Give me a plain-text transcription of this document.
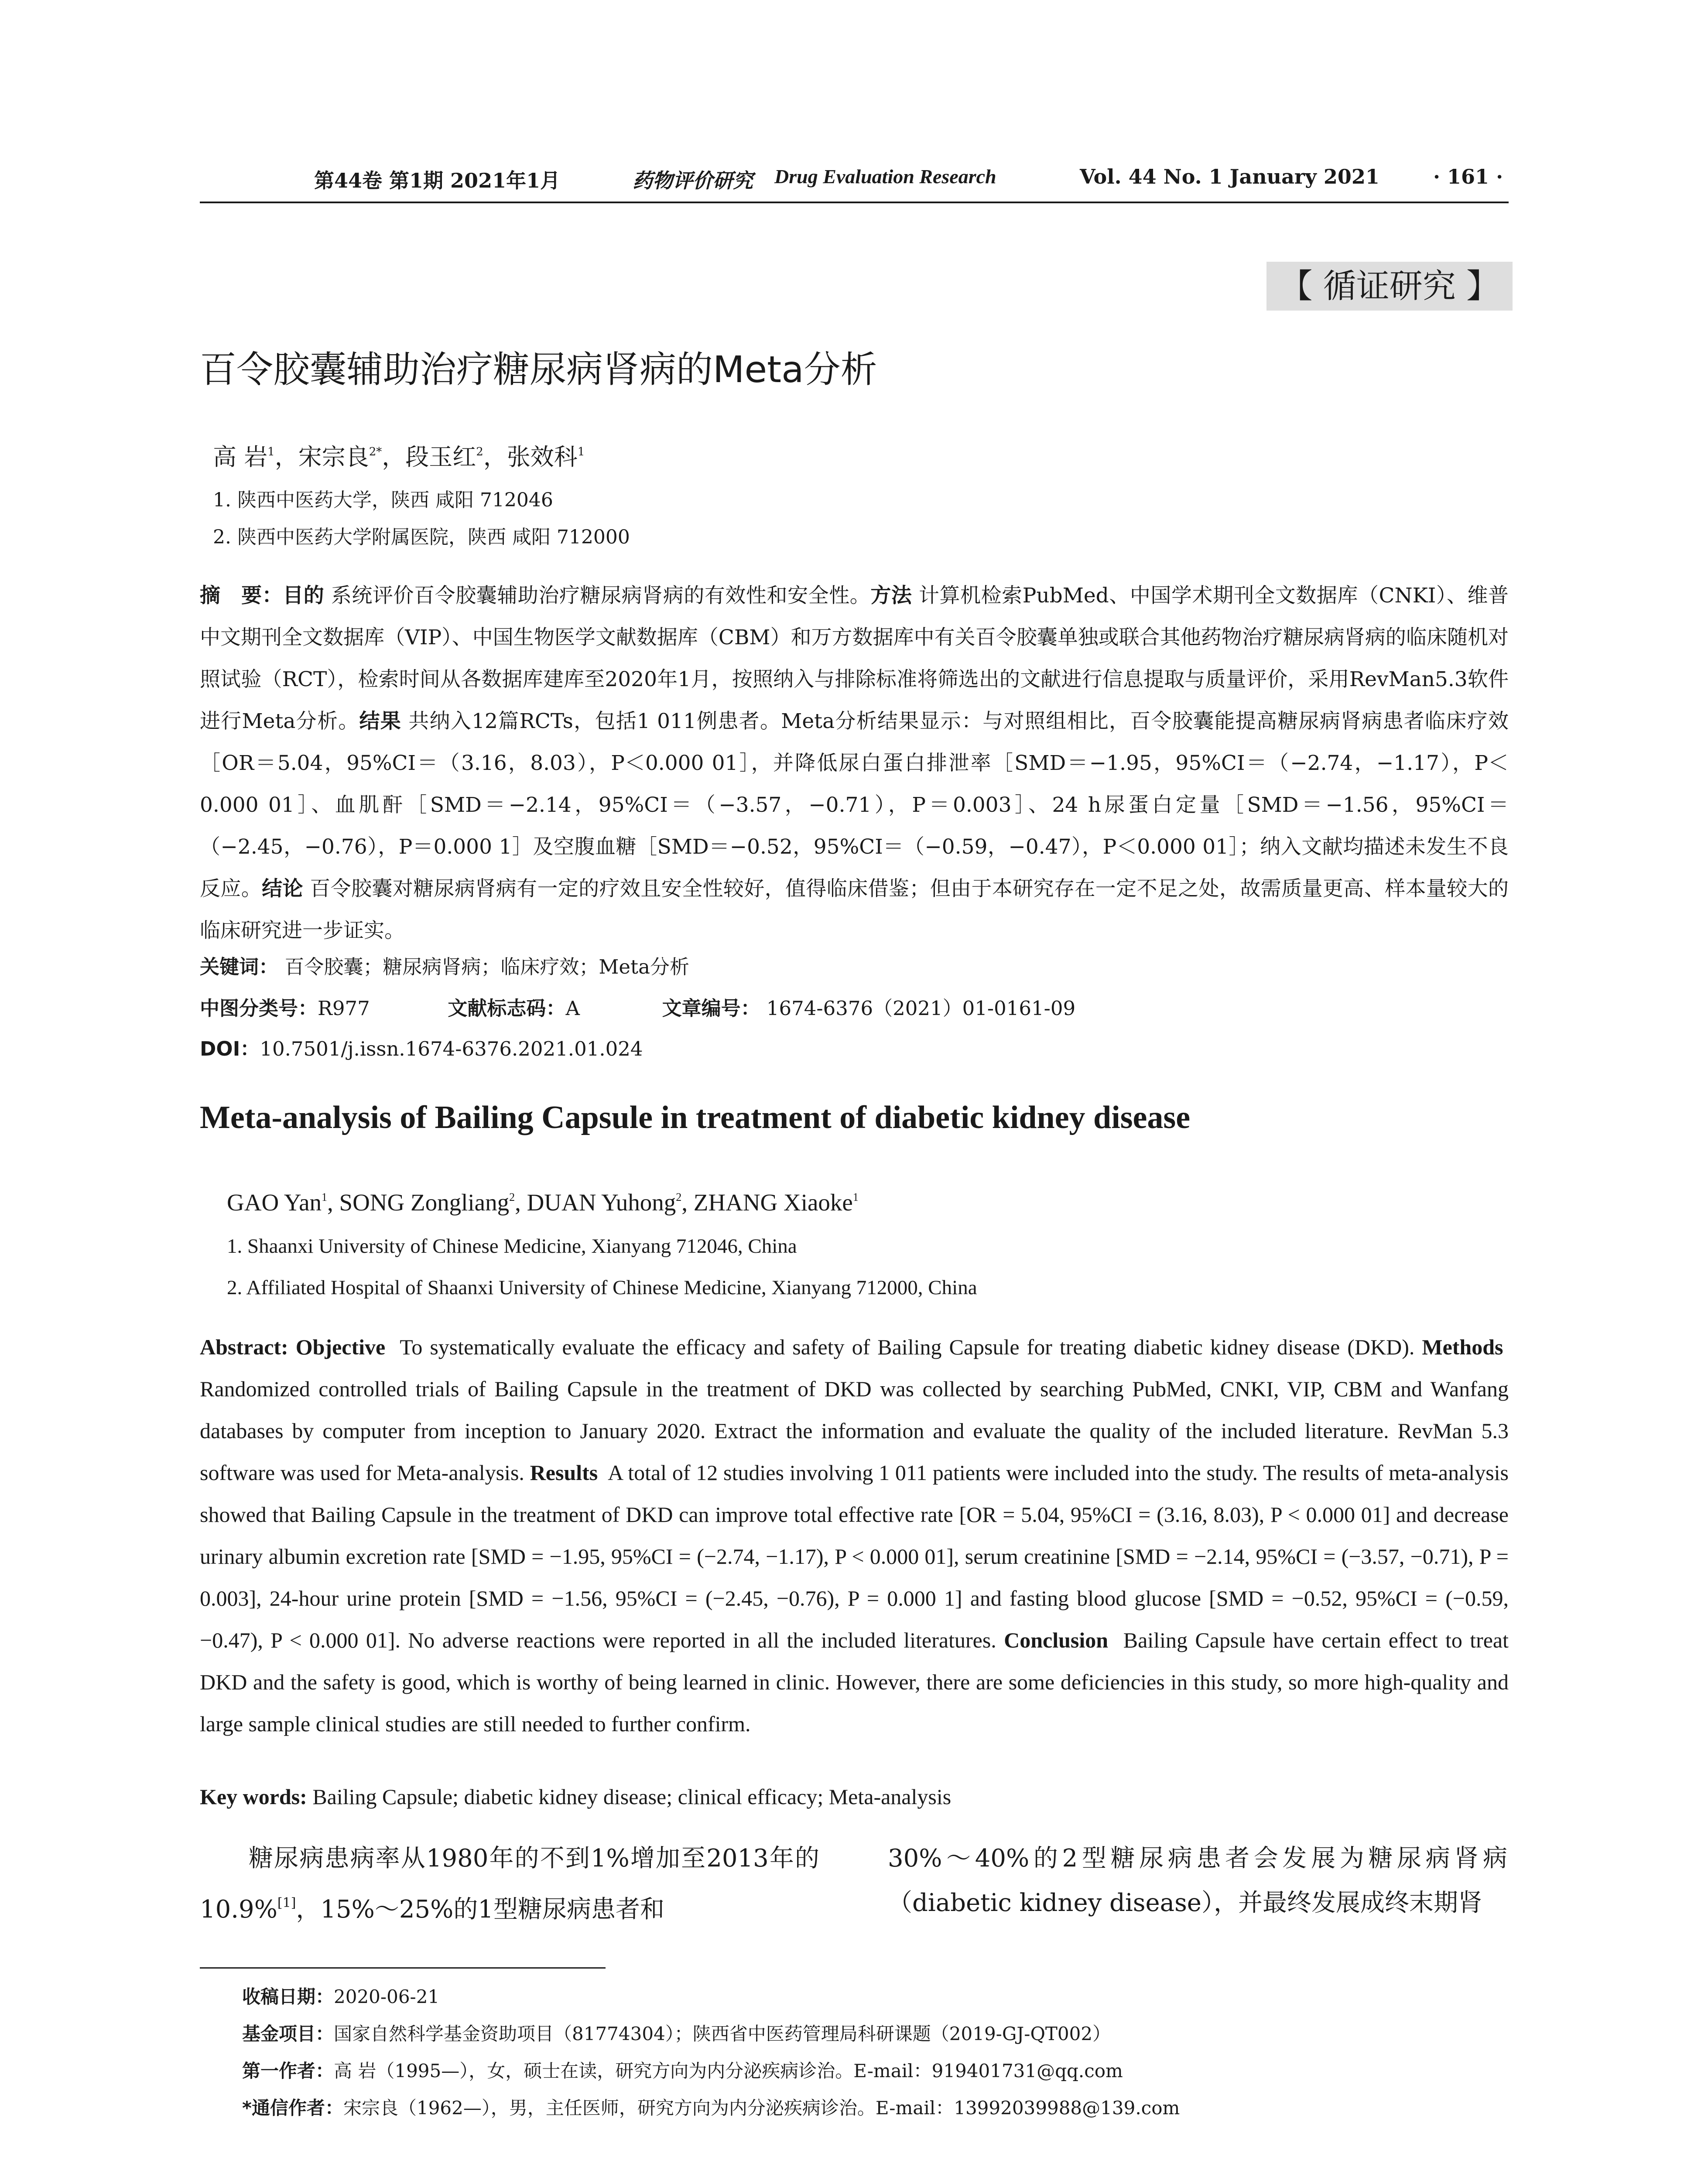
第44卷 第1期 2021年1月	药物评价研究 Drug Evaluation Research	Vol. 44 No. 1 January 2021	· 161 ·
【 循证研究 】
百令胶囊辅助治疗糖尿病肾病的Meta分析
高 岩$^1$，宋宗良$^{2*}$，段玉红$^2$，张效科$^1$
1. 陕西中医药大学，陕西 咸阳 712046
2. 陕西中医药大学附属医院，陕西 咸阳 712000
摘　要：目的 系统评价百令胶囊辅助治疗糖尿病肾病的有效性和安全性。方法 计算机检索PubMed、中国学术期刊全文数据库（CNKI）、维普中文期刊全文数据库（VIP）、中国生物医学文献数据库（CBM）和万方数据库中有关百令胶囊单独或联合其他药物治疗糖尿病肾病的临床随机对照试验（RCT），检索时间从各数据库建库至2020年1月，按照纳入与排除标准将筛选出的文献进行信息提取与质量评价，采用RevMan5.3软件进行Meta分析。结果 共纳入12篇RCTs，包括1 011例患者。Meta分析结果显示：与对照组相比，百令胶囊能提高糖尿病肾病患者临床疗效［OR＝5.04，95%CI＝（3.16，8.03），P＜0.000 01］，并降低尿白蛋白排泄率［SMD＝−1.95，95%CI＝（−2.74，−1.17），P＜0.000 01］、血肌酐［SMD＝−2.14，95%CI＝（−3.57，−0.71），P＝0.003］、24 h尿蛋白定量［SMD＝−1.56，95%CI＝（−2.45，−0.76），P＝0.000 1］及空腹血糖［SMD＝−0.52，95%CI＝（−0.59，−0.47），P＜0.000 01］；纳入文献均描述未发生不良反应。结论 百令胶囊对糖尿病肾病有一定的疗效且安全性较好，值得临床借鉴；但由于本研究存在一定不足之处，故需质量更高、样本量较大的临床研究进一步证实。
关键词： 百令胶囊；糖尿病肾病；临床疗效；Meta分析
中图分类号：R977	文献标志码：A	文章编号： 1674-6376（2021）01-0161-09
DOI：10.7501/j.issn.1674-6376.2021.01.024
Meta-analysis of Bailing Capsule in treatment of diabetic kidney disease
GAO Yan$^1$, SONG Zongliang$^2$, DUAN Yuhong$^2$, ZHANG Xiaoke$^1$
1. Shaanxi University of Chinese Medicine, Xianyang 712046, China
2. Affiliated Hospital of Shaanxi University of Chinese Medicine, Xianyang 712000, China
Abstract: Objective To systematically evaluate the efficacy and safety of Bailing Capsule for treating diabetic kidney disease (DKD). Methods  Randomized controlled trials of Bailing Capsule in the treatment of DKD was collected by searching PubMed, CNKI, VIP, CBM and Wanfang databases by computer from inception to January 2020. Extract the information and evaluate the quality of the included literature. RevMan 5.3 software was used for Meta-analysis. Results A total of 12 studies involving 1 011 patients were included into the study. The results of meta-analysis showed that Bailing Capsule in the treatment of DKD can improve total effective rate [OR = 5.04, 95%CI = (3.16, 8.03), P < 0.000 01] and decrease urinary albumin excretion rate [SMD = −1.95, 95%CI = (−2.74, −1.17), P < 0.000 01], serum creatinine [SMD = −2.14, 95%CI = (−3.57, −0.71), P = 0.003], 24-hour urine protein [SMD = −1.56, 95%CI = (−2.45, −0.76), P = 0.000 1] and fasting blood glucose [SMD = −0.52, 95%CI = (−0.59, −0.47), P < 0.000 01]. No adverse reactions were reported in all the included literatures. Conclusion Bailing Capsule have certain effect to treat DKD and the safety is good, which is worthy of being learned in clinic. However, there are some deficiencies in this study, so more high-quality and large sample clinical studies are still needed to further confirm.
Key words: Bailing Capsule; diabetic kidney disease; clinical efficacy; Meta-analysis
糖尿病患病率从1980年的不到1%增加至2013年的10.9%[1]，15%～25%的1型糖尿病患者和
30%～40%的2型糖尿病患者会发展为糖尿病肾病（diabetic kidney disease），并最终发展成终末期肾
收稿日期：2020-06-21
基金项目：国家自然科学基金资助项目（81774304）；陕西省中医药管理局科研课题（2019-GJ-QT002）
第一作者：高 岩（1995—），女，硕士在读，研究方向为内分泌疾病诊治。E-mail：919401731@qq.com
*通信作者：宋宗良（1962—），男，主任医师，研究方向为内分泌疾病诊治。E-mail：13992039988@139.com
